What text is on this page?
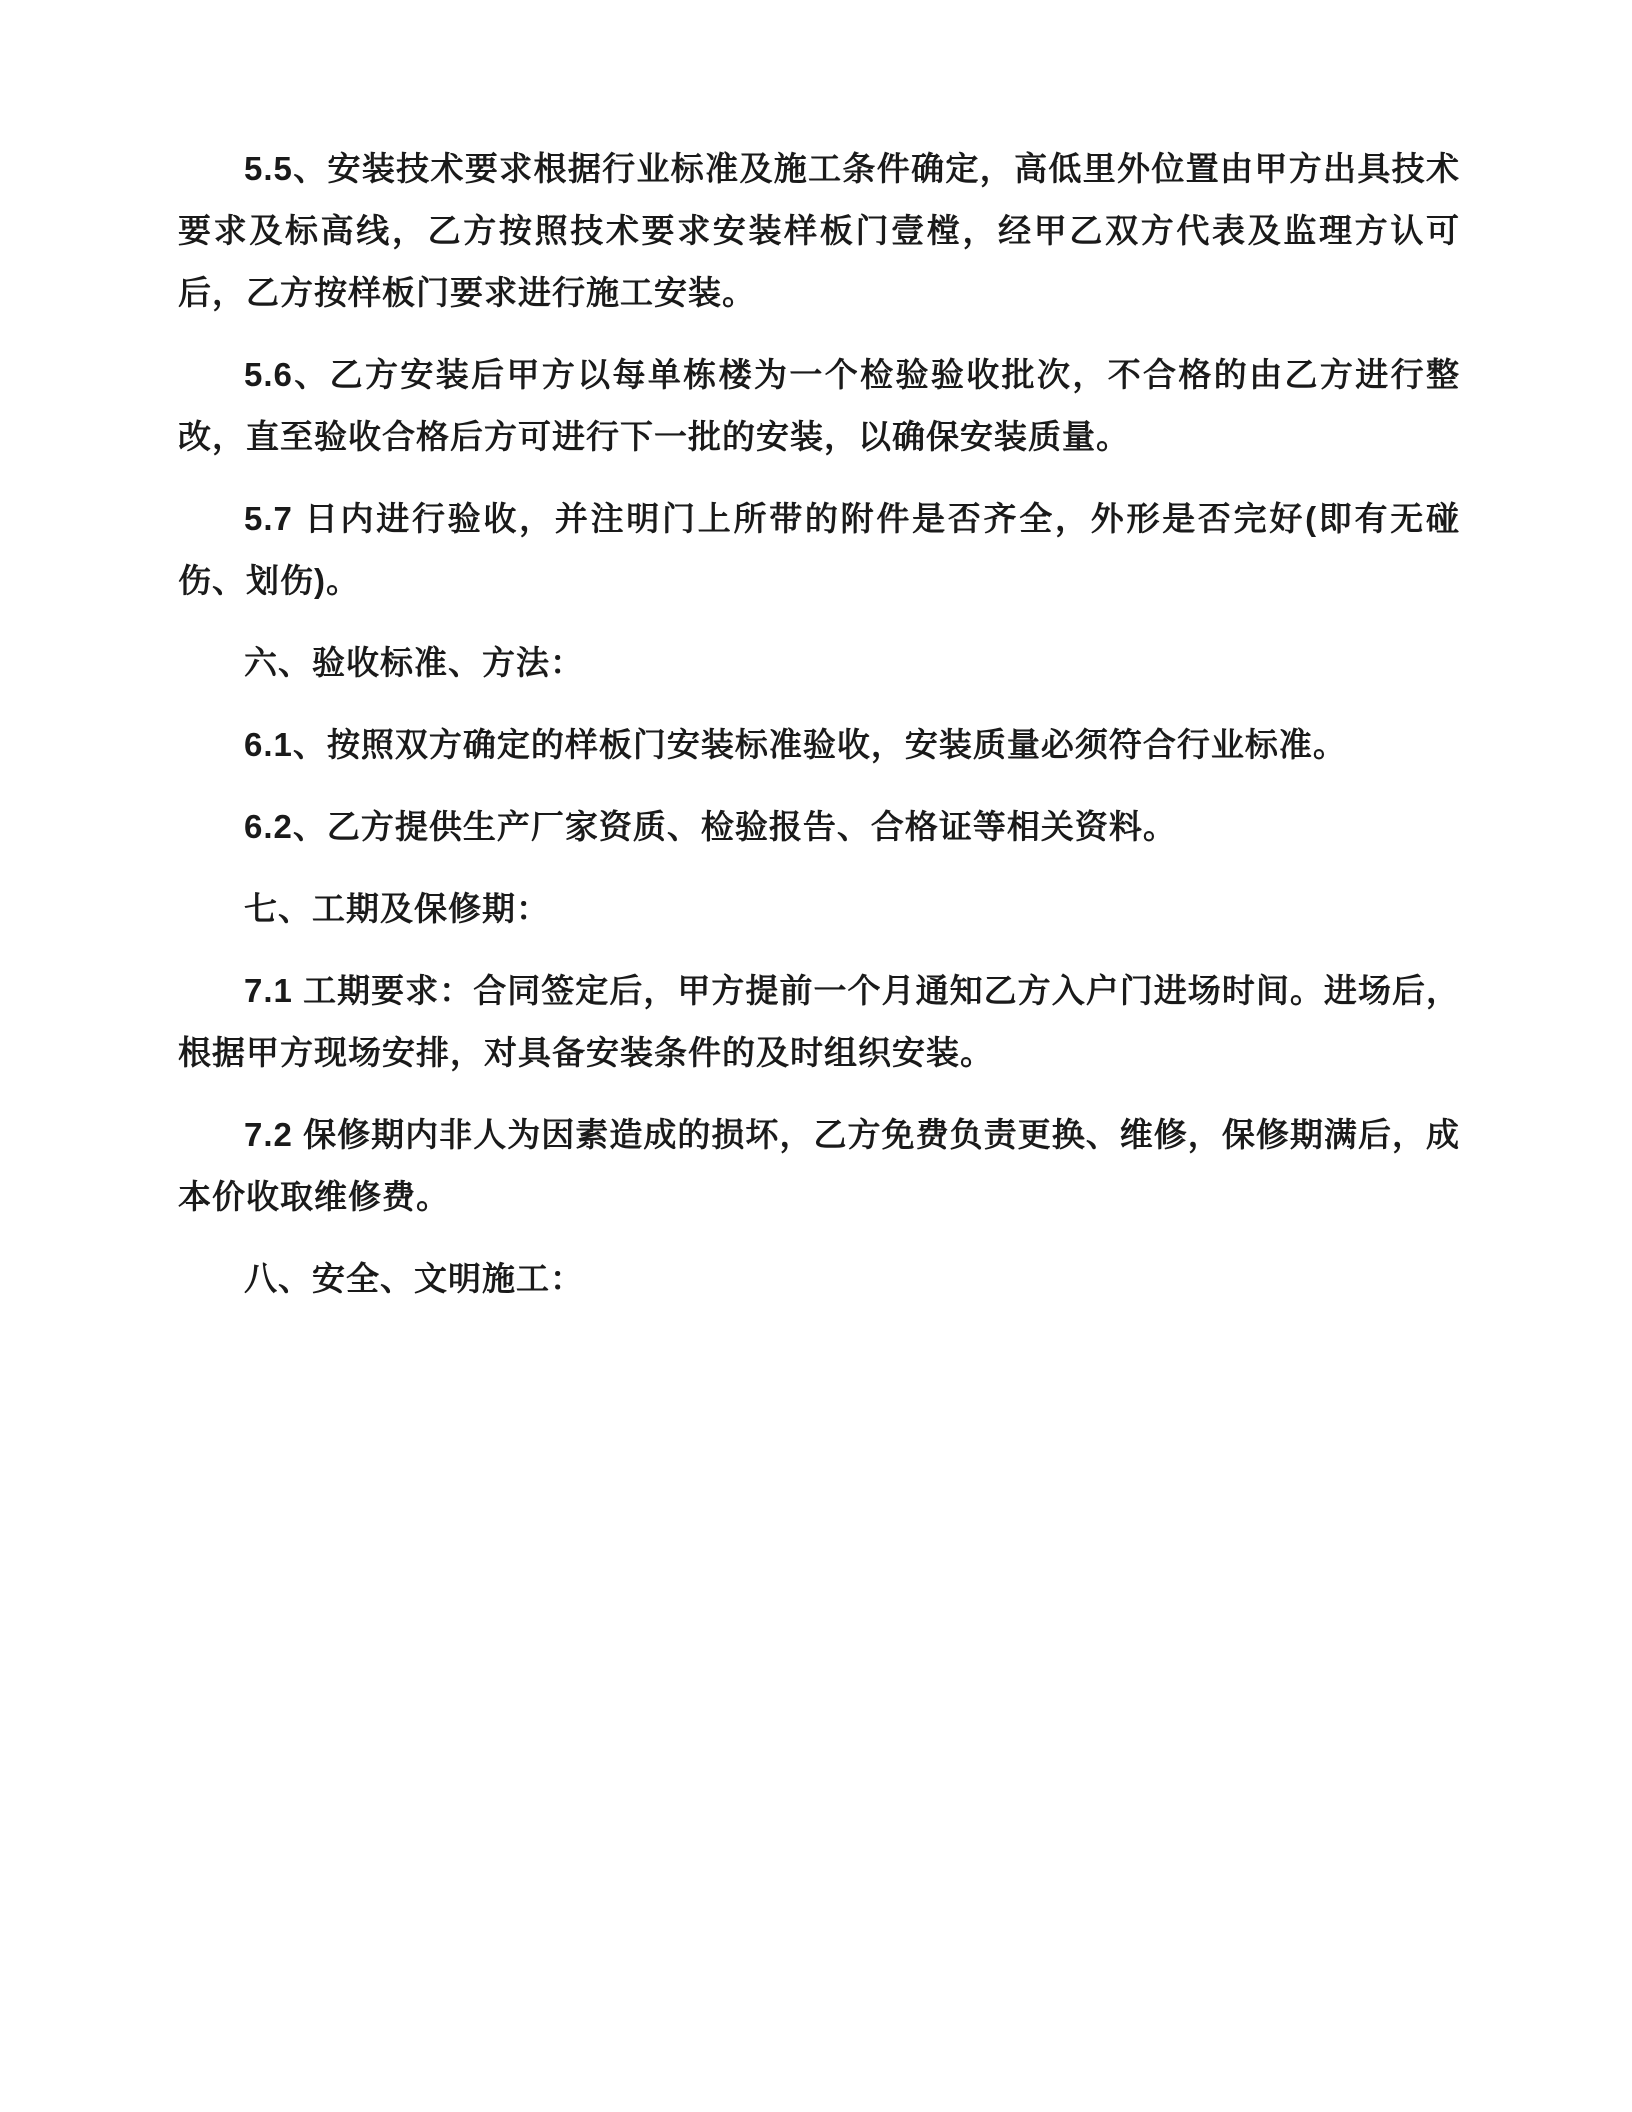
5.5、安装技术要求根据行业标准及施工条件确定，高低里外位置由甲方出具技术要求及标高线，乙方按照技术要求安装样板门壹樘，经甲乙双方代表及监理方认可后，乙方按样板门要求进行施工安装。

5.6、乙方安装后甲方以每单栋楼为一个检验验收批次，不合格的由乙方进行整改，直至验收合格后方可进行下一批的安装，以确保安装质量。

5.7 日内进行验收，并注明门上所带的附件是否齐全，外形是否完好(即有无碰伤、划伤)。

六、验收标准、方法：

6.1、按照双方确定的样板门安装标准验收，安装质量必须符合行业标准。

6.2、乙方提供生产厂家资质、检验报告、合格证等相关资料。

七、工期及保修期：

7.1 工期要求：合同签定后，甲方提前一个月通知乙方入户门进场时间。进场后，根据甲方现场安排，对具备安装条件的及时组织安装。

7.2 保修期内非人为因素造成的损坏，乙方免费负责更换、维修，保修期满后，成本价收取维修费。

八、安全、文明施工：
